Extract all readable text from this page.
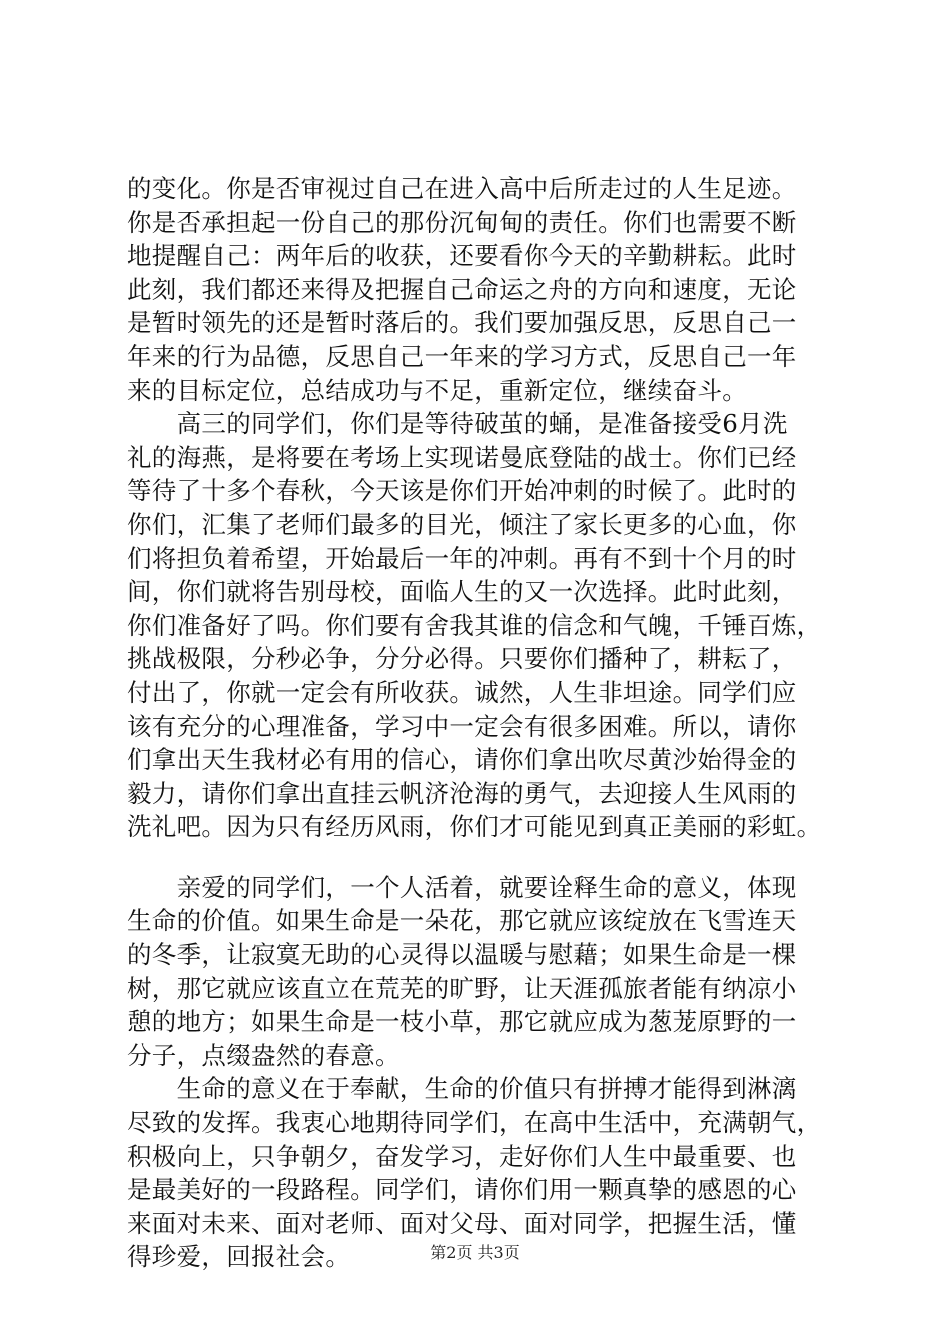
的变化。你是否审视过自己在进入高中后所走过的人生足迹。
你是否承担起一份自己的那份沉甸甸的责任。你们也需要不断
地提醒自己：两年后的收获，还要看你今天的辛勤耕耘。此时
此刻，我们都还来得及把握自己命运之舟的方向和速度，无论
是暂时领先的还是暂时落后的。我们要加强反思，反思自己一
年来的行为品德，反思自己一年来的学习方式，反思自己一年
来的目标定位，总结成功与不足，重新定位，继续奋斗。
　　高三的同学们，你们是等待破茧的蛹，是准备接受6月洗
礼的海燕，是将要在考场上实现诺曼底登陆的战士。你们已经
等待了十多个春秋，今天该是你们开始冲刺的时候了。此时的
你们，汇集了老师们最多的目光，倾注了家长更多的心血，你
们将担负着希望，开始最后一年的冲刺。再有不到十个月的时
间，你们就将告别母校，面临人生的又一次选择。此时此刻，
你们准备好了吗。你们要有舍我其谁的信念和气魄，千锤百炼，
挑战极限，分秒必争，分分必得。只要你们播种了，耕耘了，
付出了，你就一定会有所收获。诚然，人生非坦途。同学们应
该有充分的心理准备，学习中一定会有很多困难。所以，请你
们拿出天生我材必有用的信心，请你们拿出吹尽黄沙始得金的
毅力，请你们拿出直挂云帆济沧海的勇气，去迎接人生风雨的
洗礼吧。因为只有经历风雨，你们才可能见到真正美丽的彩虹。
　　亲爱的同学们，一个人活着，就要诠释生命的意义，体现
生命的价值。如果生命是一朵花，那它就应该绽放在飞雪连天
的冬季，让寂寞无助的心灵得以温暖与慰藉；如果生命是一棵
树，那它就应该直立在荒芜的旷野，让天涯孤旅者能有纳凉小
憩的地方；如果生命是一枝小草，那它就应成为葱茏原野的一
分子，点缀盎然的春意。
　　生命的意义在于奉献，生命的价值只有拼搏才能得到淋漓
尽致的发挥。我衷心地期待同学们，在高中生活中，充满朝气，
积极向上，只争朝夕，奋发学习，走好你们人生中最重要、也
是最美好的一段路程。同学们，请你们用一颗真挚的感恩的心
来面对未来、面对老师、面对父母、面对同学，把握生活，懂
得珍爱，回报社会。	第2页 共3页
